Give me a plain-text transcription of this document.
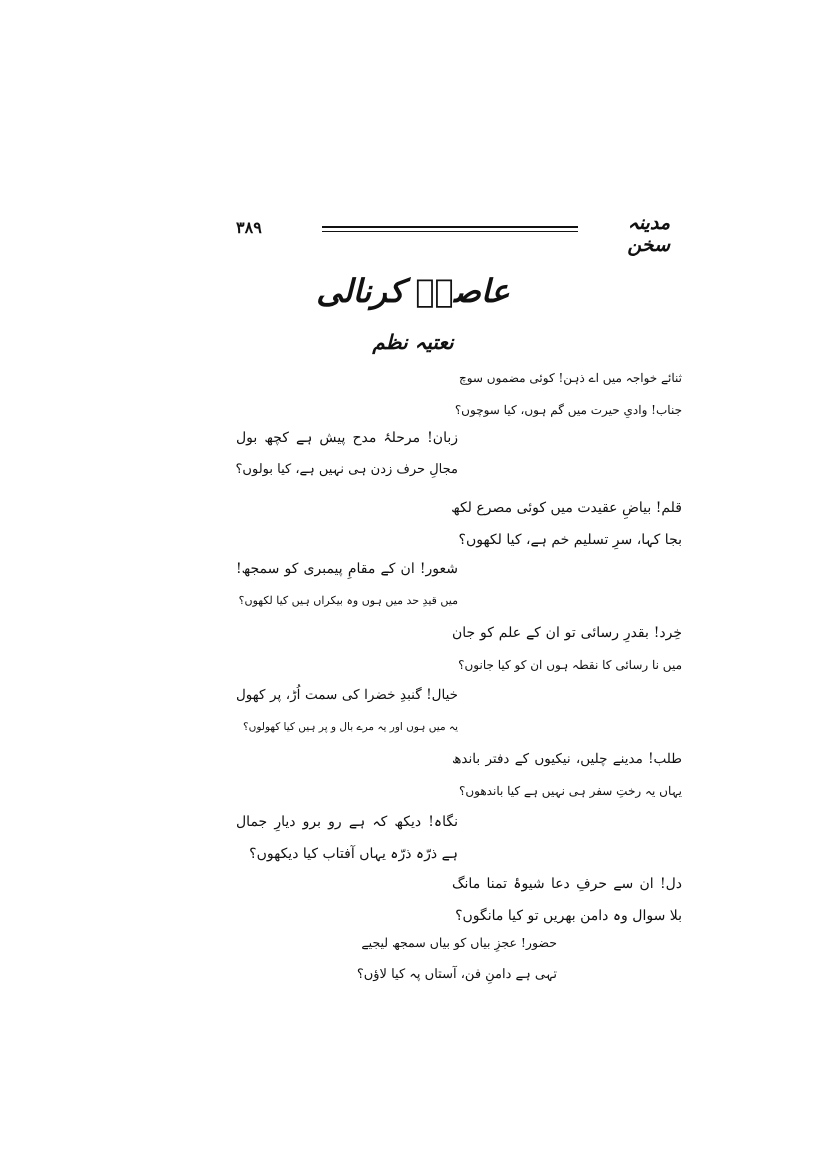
مدینہ سخن
۳۸۹
عاصیؔ کرنالی
نعتیہ نظم
ثنائے خواجہ میں اے ذہن! کوئی مضموں سوچ
جناب! وادیِ حیرت میں گم ہوں، کیا سوچوں؟
زبان! مرحلۂ مدح پیش ہے کچھ بول
مجالِ حرف زدن ہی نہیں ہے، کیا بولوں؟
قلم! بیاضِ عقیدت میں کوئی مصرع لکھ
بجا کہا، سرِ تسلیم خم ہے، کیا لکھوں؟
شعور! ان کے مقامِ پیمبری کو سمجھ!
میں قیدِ حد میں ہوں وہ بیکراں ہیں کیا لکھوں؟
خِرد! بقدرِ رسائی تو ان کے علم کو جان
میں نا رسائی کا نقطہ ہوں ان کو کیا جانوں؟
خیال! گنبدِ خضرا کی سمت اُڑ، پر کھول
یہ میں ہوں اور یہ مرے بال و پر ہیں کیا کھولوں؟
طلب! مدینے چلیں، نیکیوں کے دفتر باندھ
یہاں یہ رختِ سفر ہی نہیں ہے کیا باندھوں؟
نگاہ! دیکھ کہ ہے رو برو دیارِ جمال
ہے ذرّہ ذرّہ یہاں آفتاب کیا دیکھوں؟
دل! ان سے حرفِ دعا شیوۂ تمنا مانگ
بلا سوال وہ دامن بھریں تو کیا مانگوں؟
حضور! عجزِ بیاں کو بیاں سمجھ لیجیے
تہی ہے دامنِ فن، آستاں پہ کیا لاؤں؟
